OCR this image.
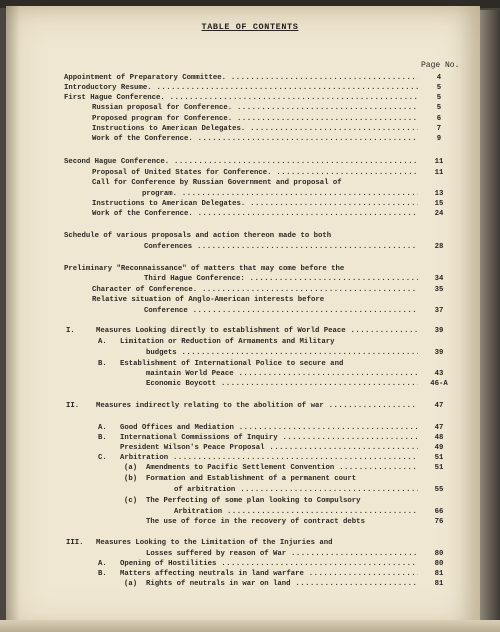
TABLE OF CONTENTS
Page No.
Appointment of Preparatory Committee. .....	4
Introductory Resume. .....	5
First Hague Conference. .....	5
Russian proposal for Conference. .....	5
Proposed program for Conference. .....	6
Instructions to American Delegates. .....	7
Work of the Conference. .....	9
Second Hague Conference. .....	11
Proposal of United States for Conference. .....	11
Call for Conference by Russian Government and proposal of
program. .....	13
Instructions to American Delegates. .....	15
Work of the Conference. .....	24
Schedule of various proposals and action thereon made to both
Conferences .....	28
Preliminary "Reconnaissance" of matters that may come before the
Third Hague Conference: .....	34
Character of Conference. .....	35
Relative situation of Anglo-American interests before
Conference .....	37
I.	Measures Looking directly to establishment of World Peace .....	39
A. Limitation or Reduction of Armaments and Military
budgets .....	39
B. Establishment of International Police to secure and
maintain World Peace .....	43
Economic Boycott .....	46-A
II. Measures indirectly relating to the abolition of war .....	47
A. Good Offices and Mediation .....	47
B. International Commissions of Inquiry .....	48
President Wilson's Peace Proposal .....	49
C. Arbitration .....	51
(a) Amendments to Pacific Settlement Convention .....	51
(b) Formation and Establishment of a permanent court
of arbitration .....	55
(c) The Perfecting of some plan looking to Compulsory
Arbitration .....	66
The use of force in the recovery of contract debts	76
III. Measures Looking to the Limitation of the Injuries and
Losses suffered by reason of War .....	80
A. Opening of Hostilities .....	80
B. Matters affecting neutrals in land warfare .....	81
(a) Rights of neutrals in war on land .....	81
